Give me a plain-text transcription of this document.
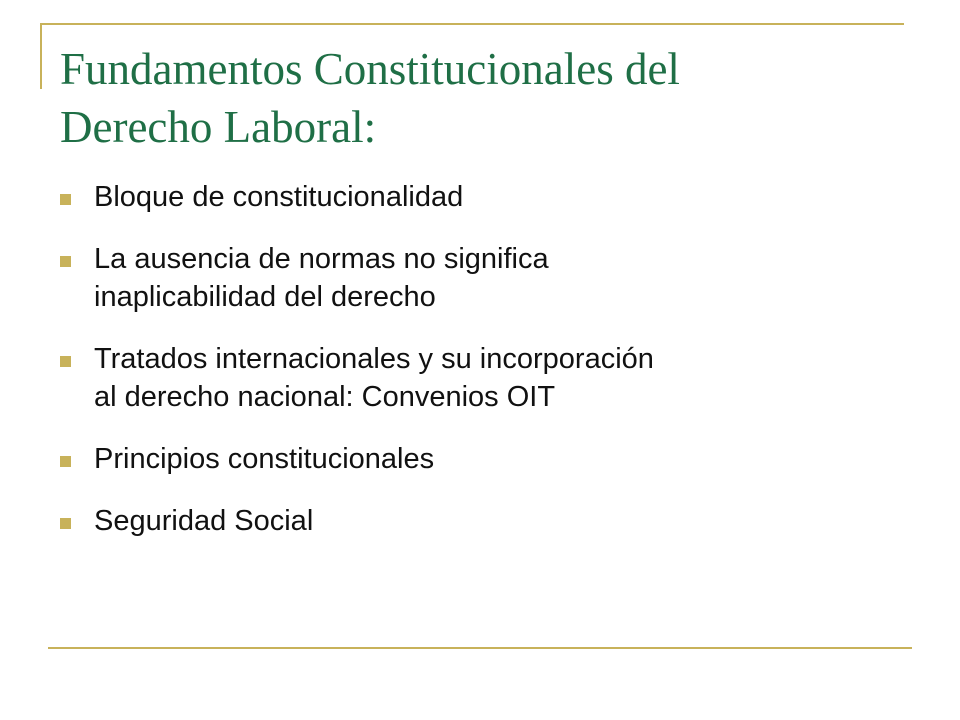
Fundamentos Constitucionales del
Derecho Laboral:
Bloque de constitucionalidad
La ausencia de normas no significa
inaplicabilidad del derecho
Tratados internacionales y su incorporación
al derecho nacional: Convenios OIT
Principios constitucionales
Seguridad Social
